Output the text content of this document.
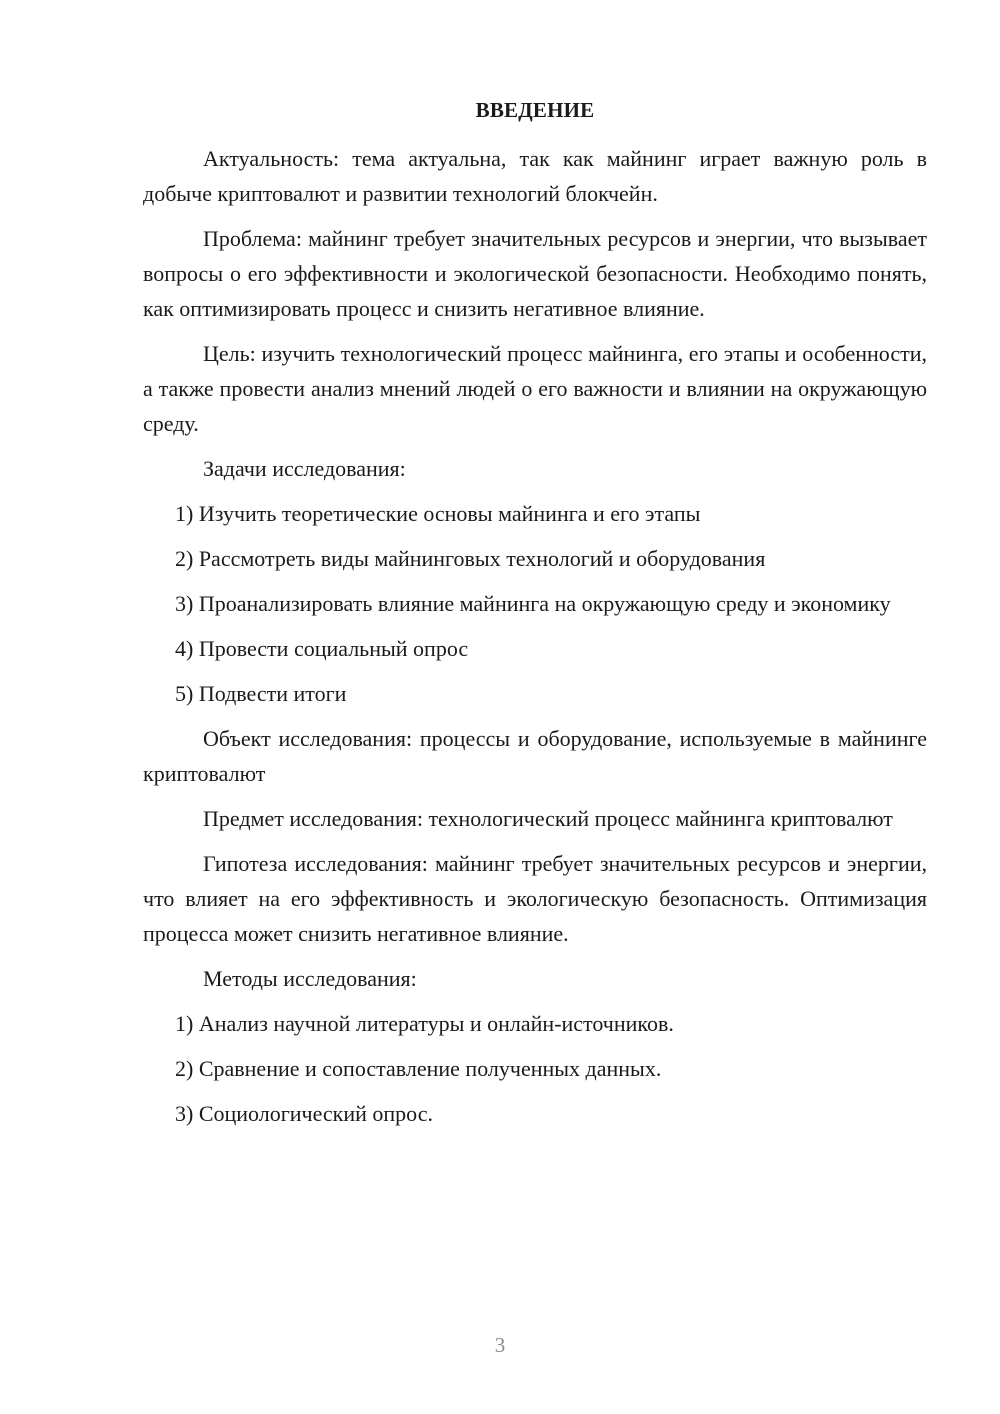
ВВЕДЕНИЕ
Актуальность: тема актуальна, так как майнинг играет важную роль в добыче криптовалют и развитии технологий блокчейн.
Проблема: майнинг требует значительных ресурсов и энергии, что вызывает вопросы о его эффективности и экологической безопасности. Необходимо понять, как оптимизировать процесс и снизить негативное влияние.
Цель: изучить технологический процесс майнинга, его этапы и особенности, а также провести анализ мнений людей о его важности и влиянии на окружающую среду.
Задачи исследования:
1) Изучить теоретические основы майнинга и его этапы
2) Рассмотреть виды майнинговых технологий и оборудования
3) Проанализировать влияние майнинга на окружающую среду и экономику
4) Провести социальный опрос
5) Подвести итоги
Объект исследования: процессы и оборудование, используемые в майнинге криптовалют
Предмет исследования: технологический процесс майнинга криптовалют
Гипотеза исследования: майнинг требует значительных ресурсов и энергии, что влияет на его эффективность и экологическую безопасность. Оптимизация процесса может снизить негативное влияние.
Методы исследования:
1) Анализ научной литературы и онлайн-источников.
2) Сравнение и сопоставление полученных данных.
3) Социологический опрос.
3
